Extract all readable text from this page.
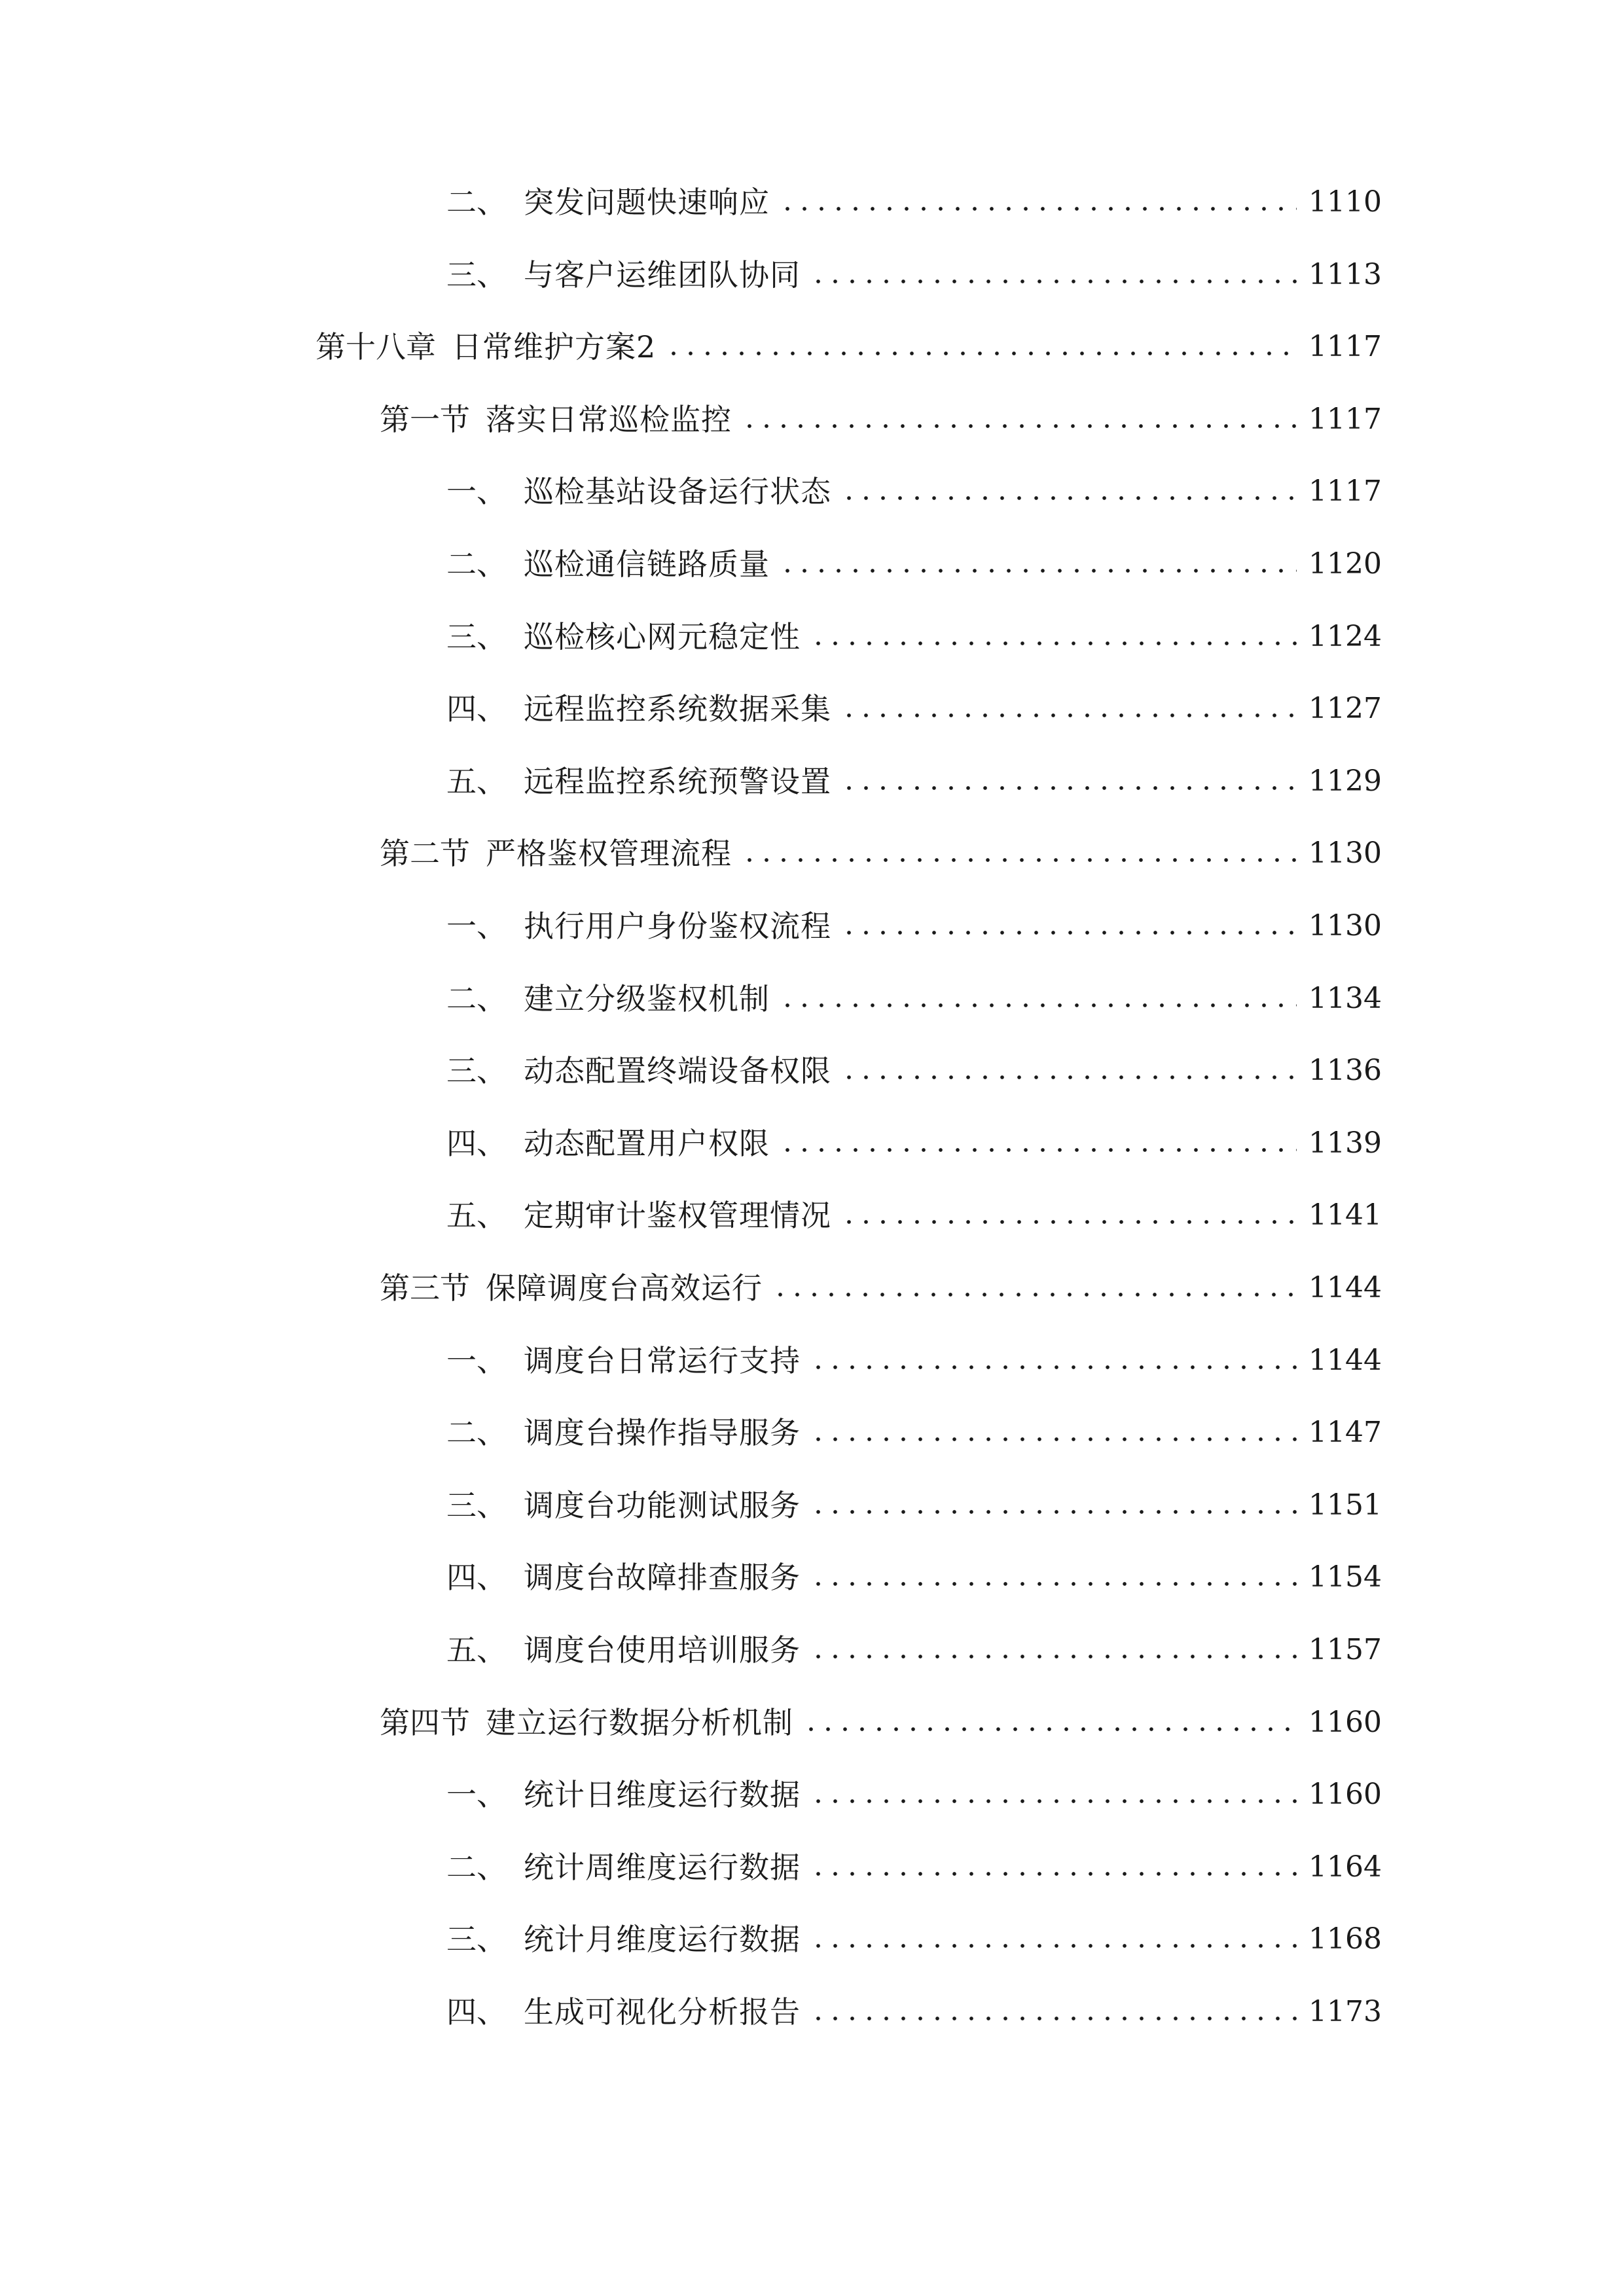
二、 突发问题快速响应	1110
三、 与客户运维团队协同	1113
第十八章 日常维护方案2	1117
第一节 落实日常巡检监控	1117
一、 巡检基站设备运行状态	1117
二、 巡检通信链路质量	1120
三、 巡检核心网元稳定性	1124
四、 远程监控系统数据采集	1127
五、 远程监控系统预警设置	1129
第二节 严格鉴权管理流程	1130
一、 执行用户身份鉴权流程	1130
二、 建立分级鉴权机制	1134
三、 动态配置终端设备权限	1136
四、 动态配置用户权限	1139
五、 定期审计鉴权管理情况	1141
第三节 保障调度台高效运行	1144
一、 调度台日常运行支持	1144
二、 调度台操作指导服务	1147
三、 调度台功能测试服务	1151
四、 调度台故障排查服务	1154
五、 调度台使用培训服务	1157
第四节 建立运行数据分析机制	1160
一、 统计日维度运行数据	1160
二、 统计周维度运行数据	1164
三、 统计月维度运行数据	1168
四、 生成可视化分析报告	1173
